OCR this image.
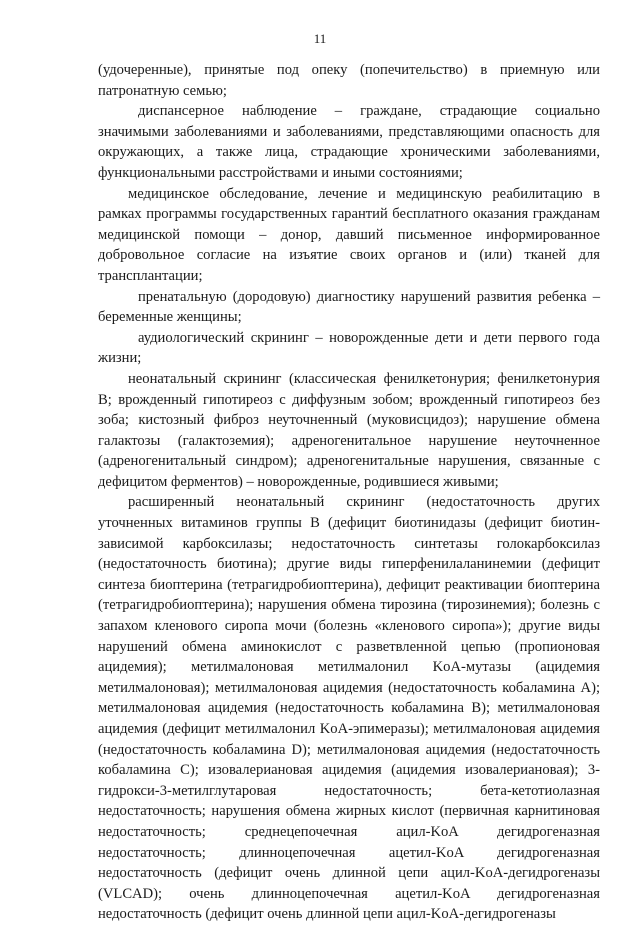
11

(удочеренные), принятые под опеку (попечительство) в приемную или патронатную семью;

диспансерное наблюдение – граждане, страдающие социально значимыми заболеваниями и заболеваниями, представляющими опасность для окружающих, а также лица, страдающие хроническими заболеваниями, функциональными расстройствами и иными состояниями;

медицинское обследование, лечение и медицинскую реабилитацию в рамках программы государственных гарантий бесплатного оказания гражданам медицинской помощи – донор, давший письменное информированное добровольное согласие на изъятие своих органов и (или) тканей для трансплантации;

пренатальную (дородовую) диагностику нарушений развития ребенка – беременные женщины;

аудиологический скрининг – новорожденные дети и дети первого года жизни;

неонатальный скрининг (классическая фенилкетонурия; фенилкетонурия B; врожденный гипотиреоз с диффузным зобом; врожденный гипотиреоз без зоба; кистозный фиброз неуточненный (муковисцидоз); нарушение обмена галактозы (галактоземия); адреногенитальное нарушение неуточненное (адреногенитальный синдром); адреногенитальные нарушения, связанные с дефицитом ферментов) – новорожденные, родившиеся живыми;

расширенный неонатальный скрининг (недостаточность других уточненных витаминов группы B (дефицит биотинидазы (дефицит биотин-зависимой карбоксилазы; недостаточность синтетазы голокарбоксилаз (недостаточность биотина); другие виды гиперфенилаланинемии (дефицит синтеза биоптерина (тетрагидробиоптерина), дефицит реактивации биоптерина (тетрагидробиоптерина); нарушения обмена тирозина (тирозинемия); болезнь с запахом кленового сиропа мочи (болезнь «кленового сиропа»); другие виды нарушений обмена аминокислот с разветвленной цепью (пропионовая ацидемия); метилмалоновая метилмалонил KoA-мутазы (ацидемия метилмалоновая); метилмалоновая ацидемия (недостаточность кобаламина A); метилмалоновая ацидемия (недостаточность кобаламина B); метилмалоновая ацидемия (дефицит метилмалонил KoA-эпимеразы); метилмалоновая ацидемия (недостаточность кобаламина D); метилмалоновая ацидемия (недостаточность кобаламина C); изовалериановая ацидемия (ацидемия изовалериановая); 3-гидрокси-3-метилглутаровая недостаточность; бета-кетотиолазная недостаточность; нарушения обмена жирных кислот (первичная карнитиновая недостаточность; среднецепочечная ацил-KoA дегидрогеназная недостаточность; длинноцепочечная ацетил-KoA дегидрогеназная недостаточность (дефицит очень длинной цепи ацил-KoA-дегидрогеназы (VLCAD); очень длинноцепочечная ацетил-KoA дегидрогеназная недостаточность (дефицит очень длинной цепи ацил-KoA-дегидрогеназы
